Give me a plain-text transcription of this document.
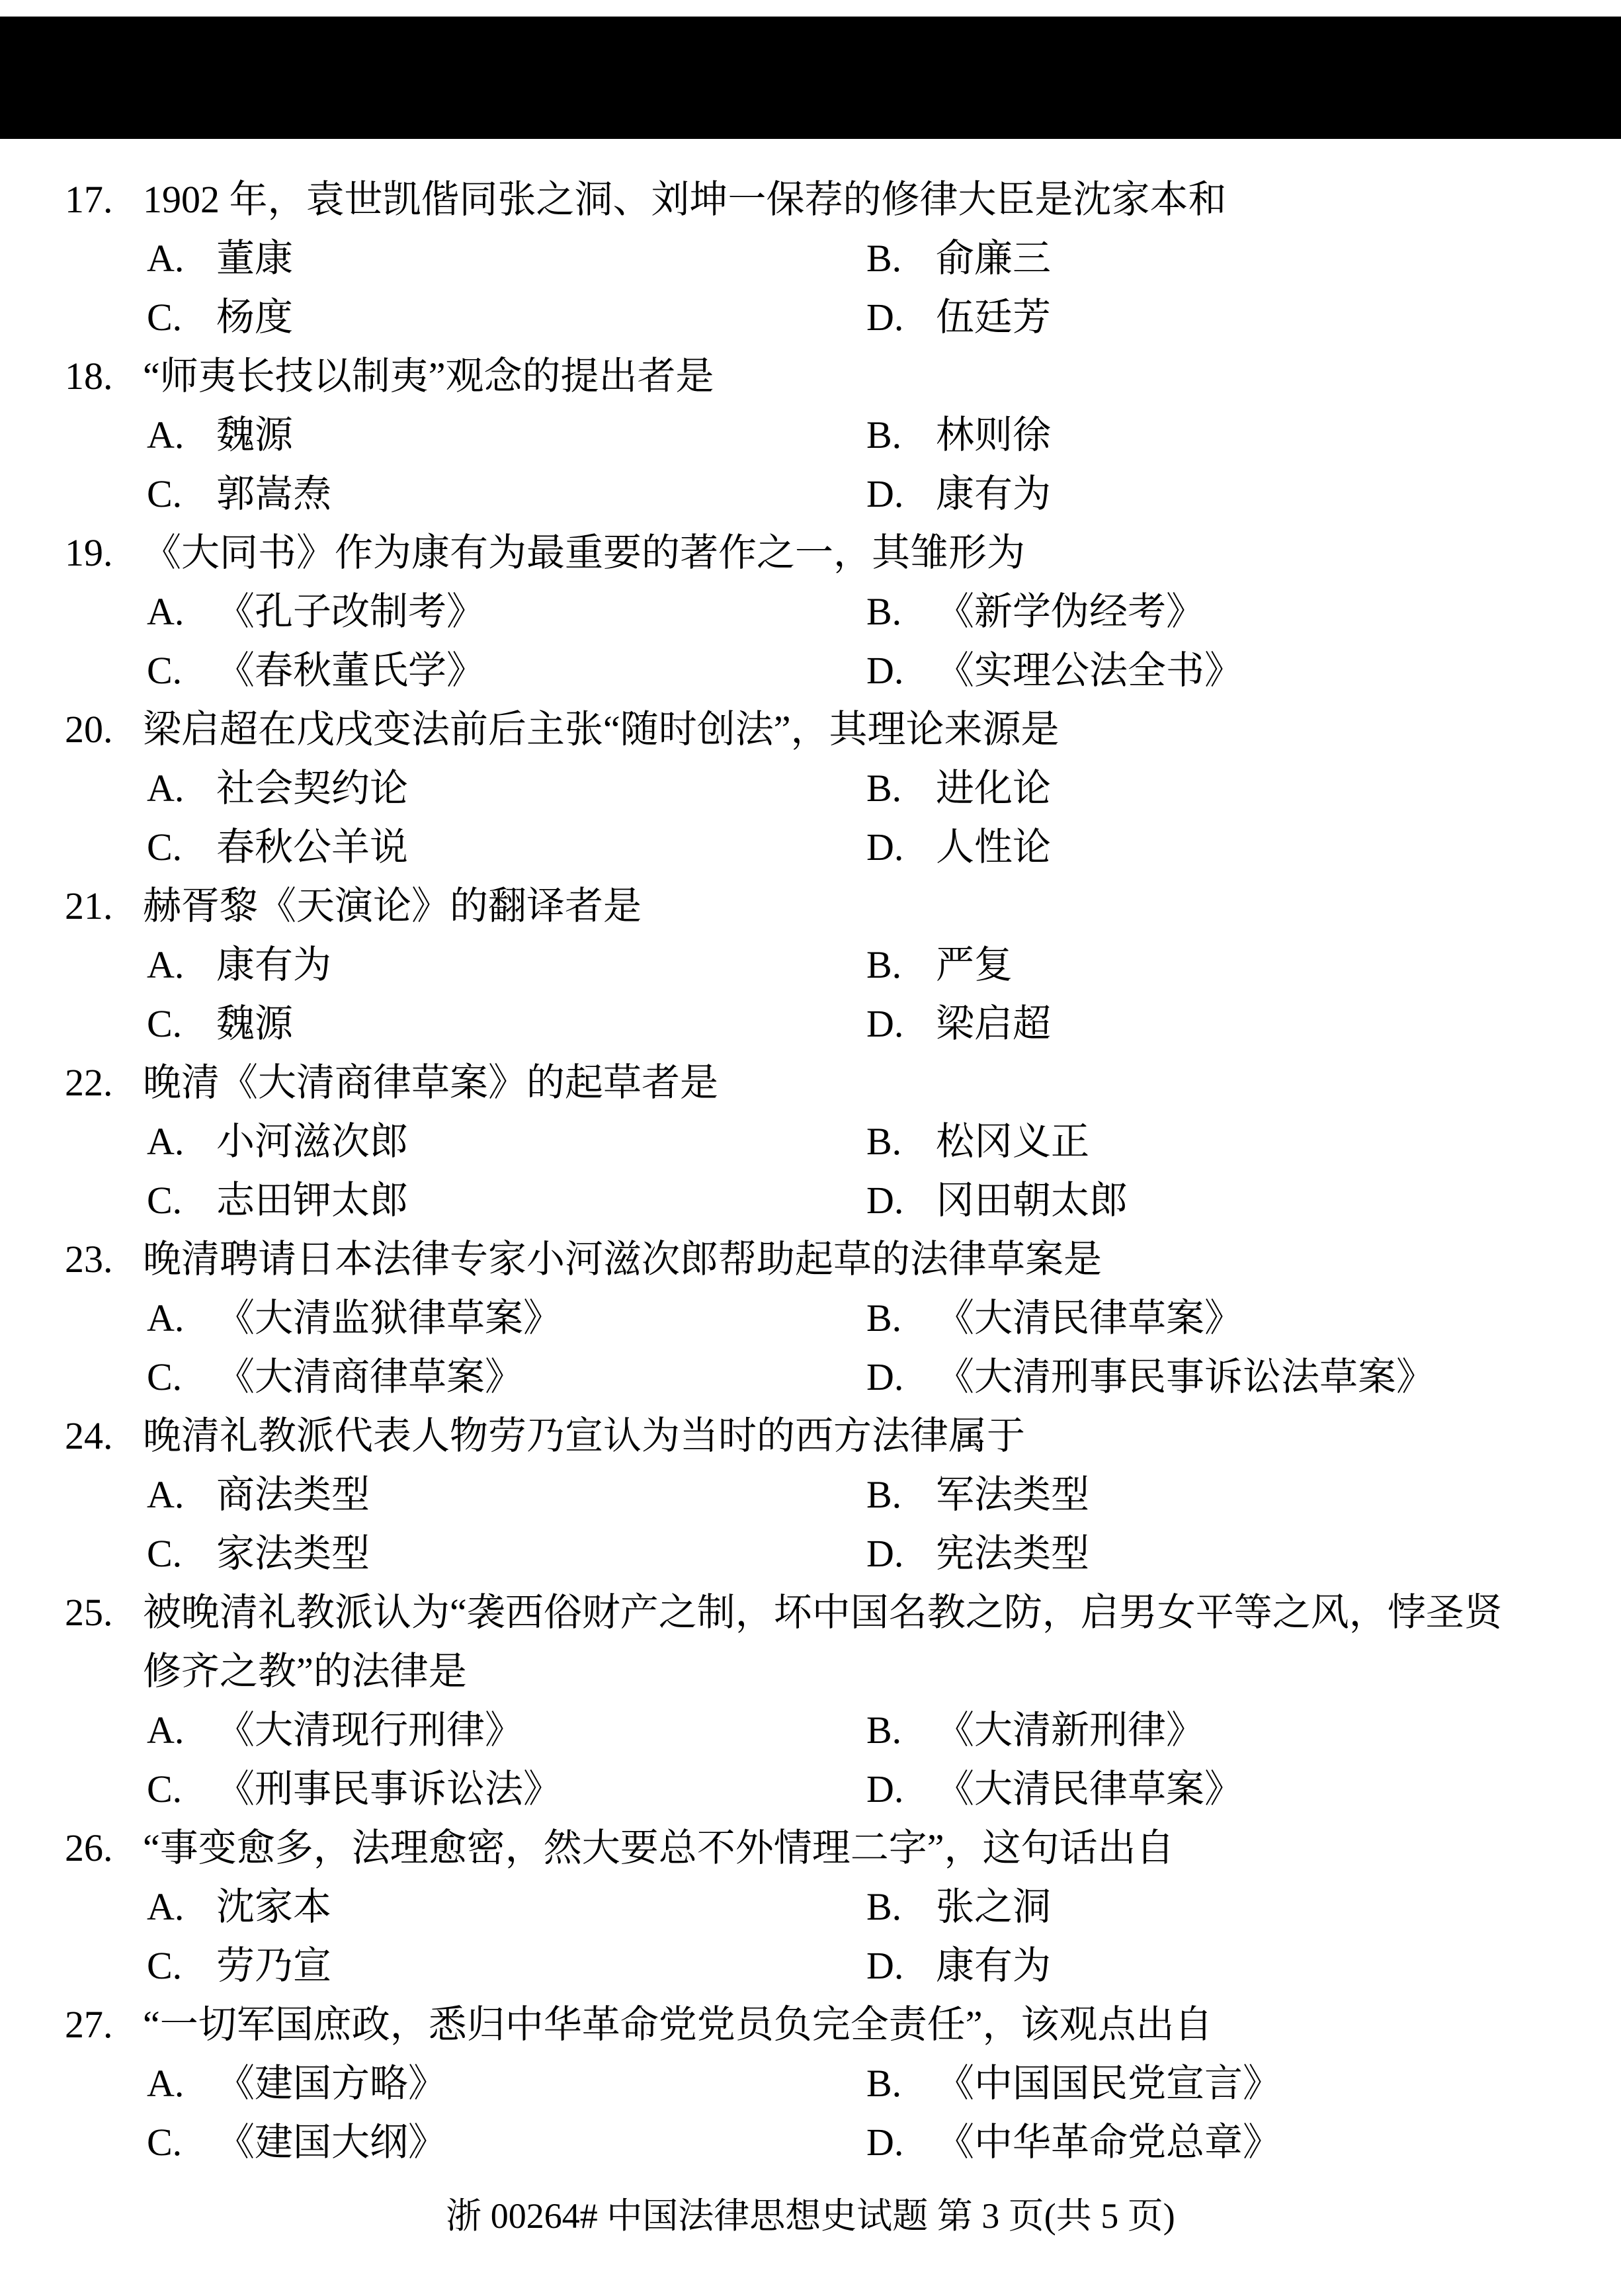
17. 1902 年，袁世凯偕同张之洞、刘坤一保荐的修律大臣是沈家本和
A. 董康	B. 俞廉三
C. 杨度	D. 伍廷芳
18. “师夷长技以制夷”观念的提出者是
A. 魏源	B. 林则徐
C. 郭嵩焘	D. 康有为
19. 《大同书》作为康有为最重要的著作之一，其雏形为
A. 《孔子改制考》	B. 《新学伪经考》
C. 《春秋董氏学》	D. 《实理公法全书》
20. 梁启超在戊戌变法前后主张“随时创法”，其理论来源是
A. 社会契约论	B. 进化论
C. 春秋公羊说	D. 人性论
21. 赫胥黎《天演论》的翻译者是
A. 康有为	B. 严复
C. 魏源	D. 梁启超
22. 晚清《大清商律草案》的起草者是
A. 小河滋次郎	B. 松冈义正
C. 志田钾太郎	D. 冈田朝太郎
23. 晚清聘请日本法律专家小河滋次郎帮助起草的法律草案是
A. 《大清监狱律草案》	B. 《大清民律草案》
C. 《大清商律草案》	D. 《大清刑事民事诉讼法草案》
24. 晚清礼教派代表人物劳乃宣认为当时的西方法律属于
A. 商法类型	B. 军法类型
C. 家法类型	D. 宪法类型
25. 被晚清礼教派认为“袭西俗财产之制，坏中国名教之防，启男女平等之风，悖圣贤
修齐之教”的法律是
A. 《大清现行刑律》	B. 《大清新刑律》
C. 《刑事民事诉讼法》	D. 《大清民律草案》
26. “事变愈多，法理愈密，然大要总不外情理二字”，这句话出自
A. 沈家本	B. 张之洞
C. 劳乃宣	D. 康有为
27. “一切军国庶政，悉归中华革命党党员负完全责任”，该观点出自
A. 《建国方略》	B. 《中国国民党宣言》
C. 《建国大纲》	D. 《中华革命党总章》
浙 00264# 中国法律思想史试题 第 3 页(共 5 页)
